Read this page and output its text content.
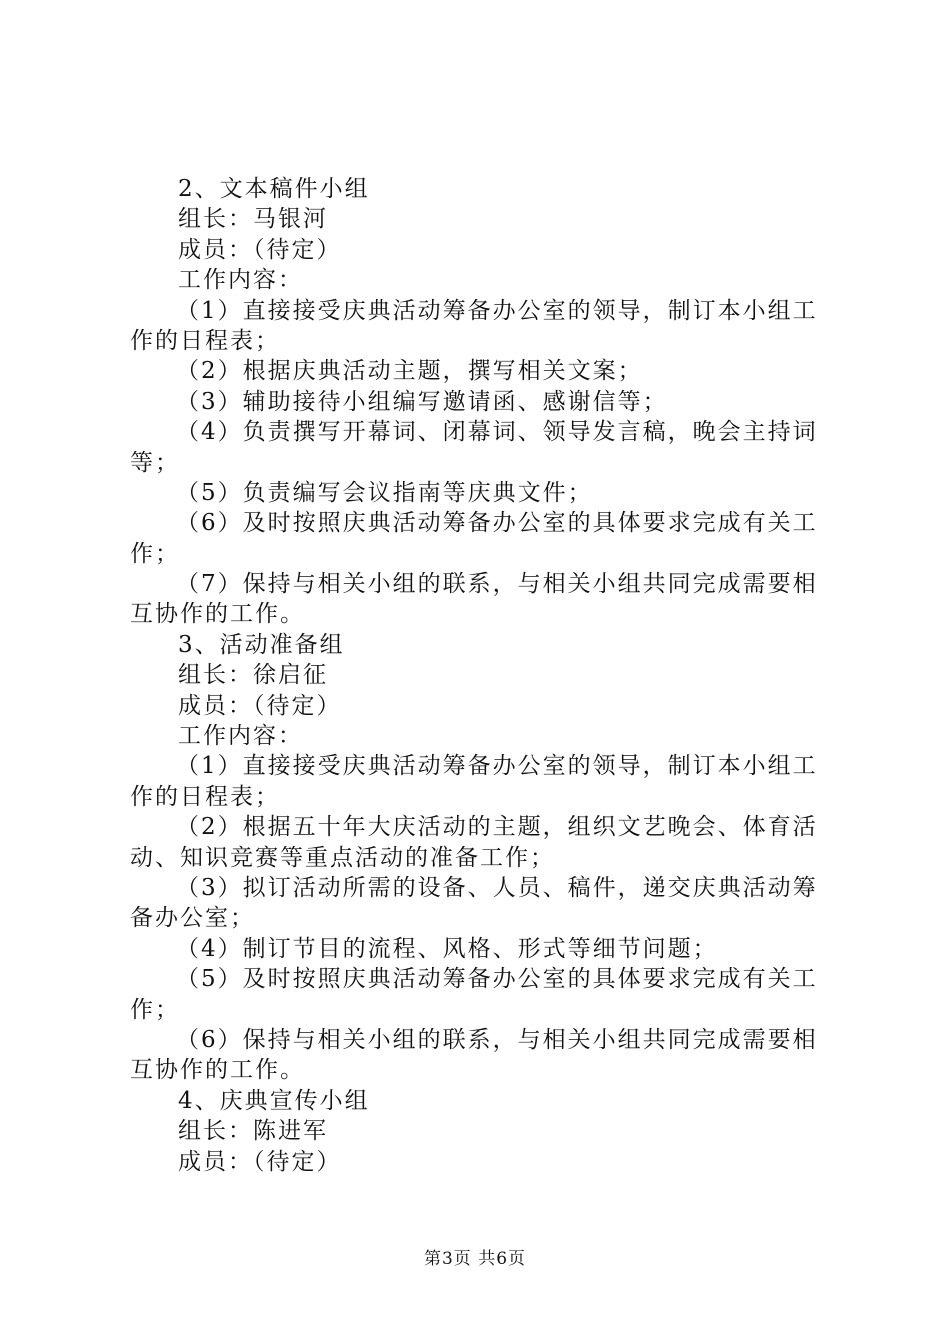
2、文本稿件小组
组长：马银河
成员：（待定）
工作内容：
（1）直接接受庆典活动筹备办公室的领导，制订本小组工
作的日程表；
（2）根据庆典活动主题，撰写相关文案；
（3）辅助接待小组编写邀请函、感谢信等；
（4）负责撰写开幕词、闭幕词、领导发言稿，晚会主持词
等；
（5）负责编写会议指南等庆典文件；
（6）及时按照庆典活动筹备办公室的具体要求完成有关工
作；
（7）保持与相关小组的联系，与相关小组共同完成需要相
互协作的工作。
3、活动准备组
组长：徐启征
成员：（待定）
工作内容：
（1）直接接受庆典活动筹备办公室的领导，制订本小组工
作的日程表；
（2）根据五十年大庆活动的主题，组织文艺晚会、体育活
动、知识竞赛等重点活动的准备工作；
（3）拟订活动所需的设备、人员、稿件，递交庆典活动筹
备办公室；
（4）制订节目的流程、风格、形式等细节问题；
（5）及时按照庆典活动筹备办公室的具体要求完成有关工
作；
（6）保持与相关小组的联系，与相关小组共同完成需要相
互协作的工作。
4、庆典宣传小组
组长：陈进军
成员：（待定）
第3页 共6页
